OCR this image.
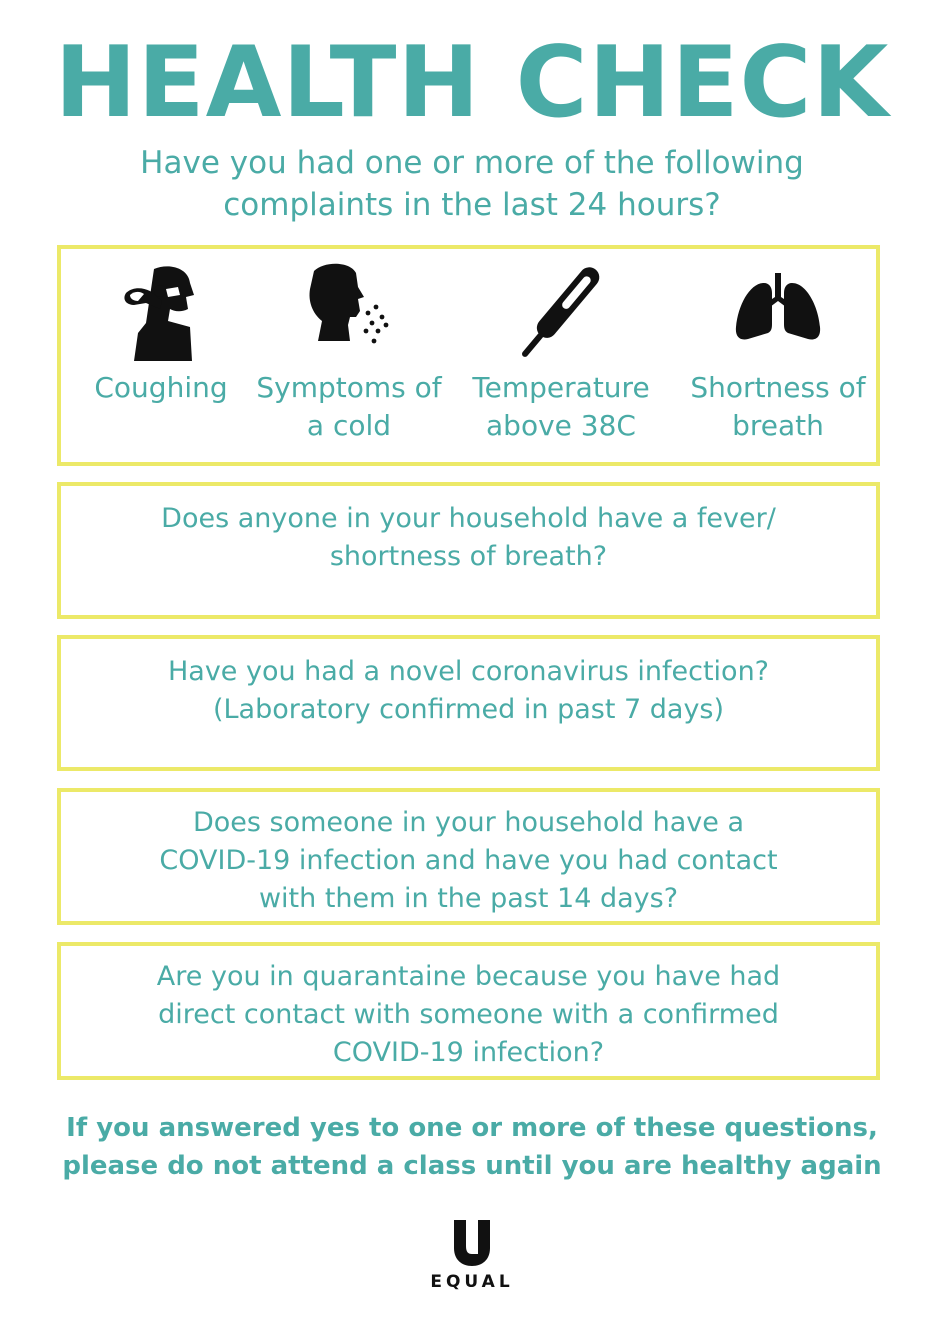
HEALTH CHECK
Have you had one or more of the following complaints in the last 24 hours?
Coughing	Symptoms of a cold
Temperature above 38C
Shortness of breath
Does anyone in your household have a fever/ shortness of breath?
Have you had a novel coronavirus infection? (Laboratory confirmed in past 7 days)
Does someone in your household have a COVID-19 infection and have you had contact with them in the past 14 days?
Are you in quarantaine because you have had direct contact with someone with a confirmed COVID-19 infection?
If you answered yes to one or more of these questions, please do not attend a class until you are healthy again
EQUAL
